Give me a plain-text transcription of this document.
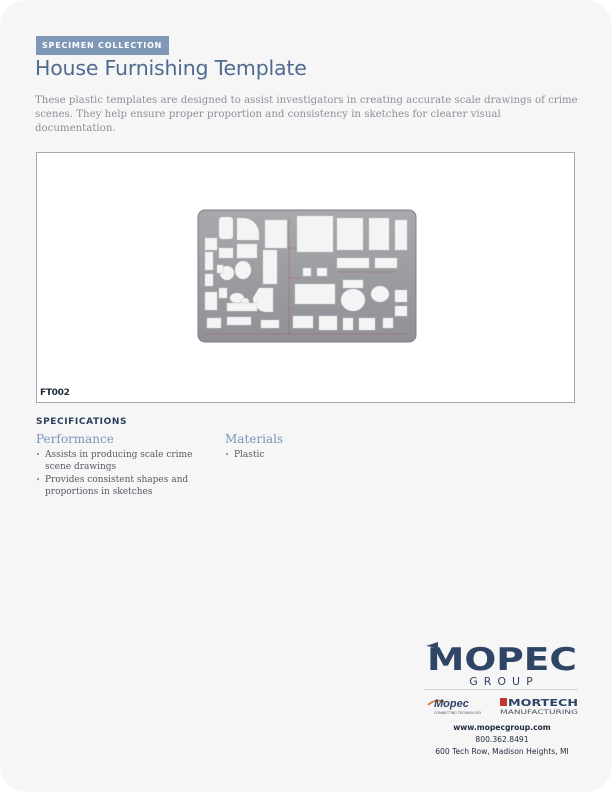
SPECIMEN COLLECTION
House Furnishing Template

These plastic templates are designed to assist investigators in creating accurate scale drawings of crime scenes. They help ensure proper proportion and consistency in sketches for clearer visual documentation.

FT002
SPECIFICATIONS
Performance
• Assists in producing scale crime scene drawings
• Provides consistent shapes and proportions in sketches
Materials
• Plastic
MOPEC
GROUP
Mopec
CONNECTING TECHNOLOGY
MORTECH
MANUFACTURING
www.mopecgroup.com
800.362.8491
600 Tech Row, Madison Heights, MI
